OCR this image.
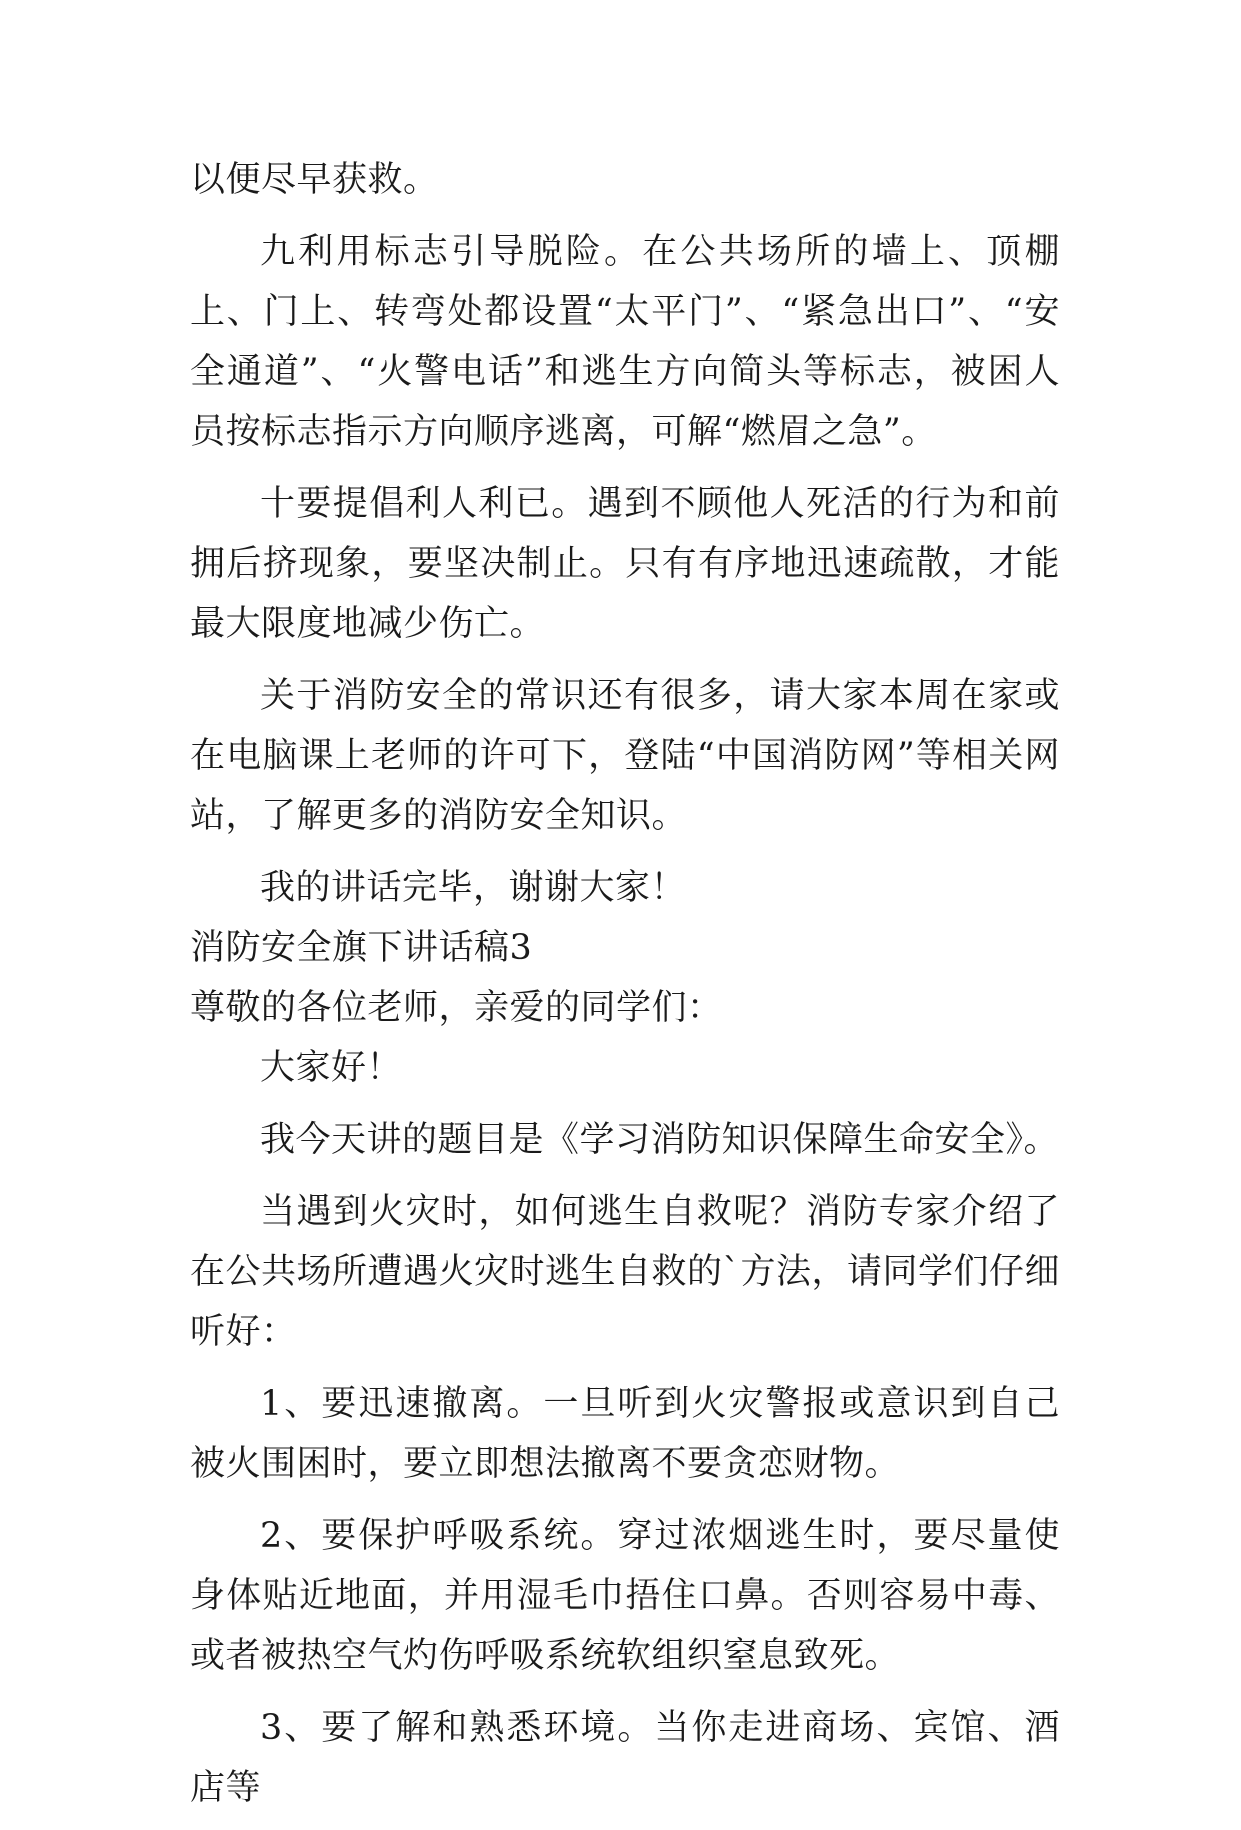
以便尽早获救。

九利用标志引导脱险。在公共场所的墙上、顶棚上、门上、转弯处都设置“太平门”、“紧急出口”、“安全通道”、“火警电话”和逃生方向简头等标志，被困人员按标志指示方向顺序逃离，可解“燃眉之急”。

十要提倡利人利已。遇到不顾他人死活的行为和前拥后挤现象，要坚决制止。只有有序地迅速疏散，才能最大限度地减少伤亡。

关于消防安全的常识还有很多，请大家本周在家或在电脑课上老师的许可下，登陆“中国消防网”等相关网站，了解更多的消防安全知识。

我的讲话完毕，谢谢大家！

消防安全旗下讲话稿3

尊敬的各位老师，亲爱的同学们：

大家好！

我今天讲的题目是《学习消防知识保障生命安全》。

当遇到火灾时，如何逃生自救呢？消防专家介绍了在公共场所遭遇火灾时逃生自救的`方法，请同学们仔细听好：

1、要迅速撤离。一旦听到火灾警报或意识到自己被火围困时，要立即想法撤离不要贪恋财物。

2、要保护呼吸系统。穿过浓烟逃生时，要尽量使身体贴近地面，并用湿毛巾捂住口鼻。否则容易中毒、或者被热空气灼伤呼吸系统软组织窒息致死。

3、要了解和熟悉环境。当你走进商场、宾馆、酒店等
